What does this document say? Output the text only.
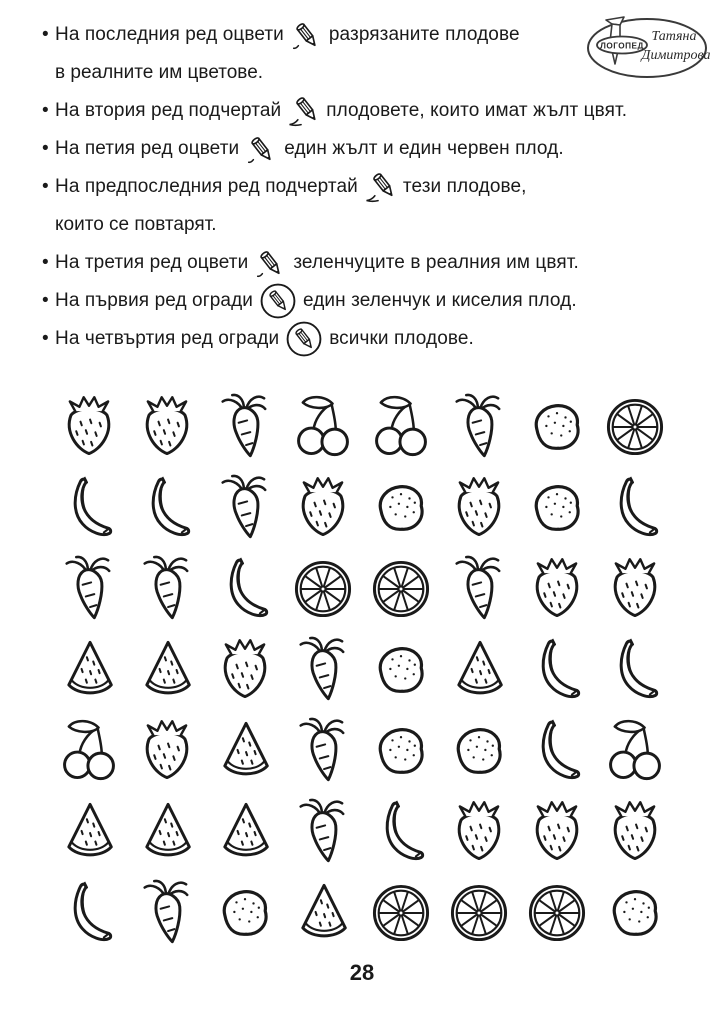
ЛОГОПЕД
Татяна
Димитрова
• На последния ред оцвети разрязаните плодове
в реалните им цветове.
• На втория ред подчертай плодовете, които имат жълт цвят.
• На петия ред оцвети един жълт и един червен плод.
• На предпоследния ред подчертай тези плодове,
които се повтарят.
• На третия ред оцвети зеленчуците в реалния им цвят.
• На първия ред огради	един зеленчук и киселия плод.
• На четвъртия ред огради	всички плодове.
28
